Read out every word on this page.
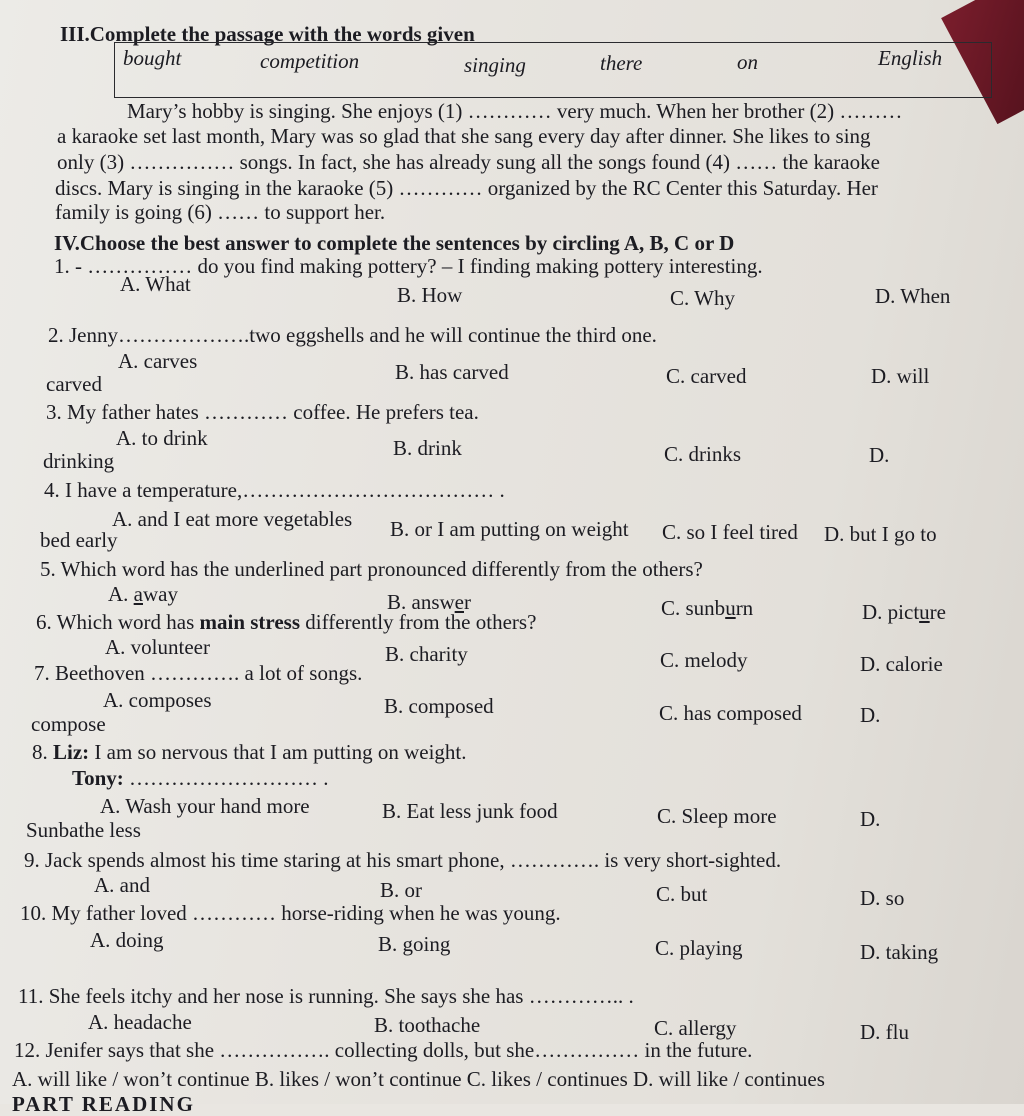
III.Complete the passage with the words given
bought	competition	singing	there	on	English
Mary’s hobby is singing. She enjoys (1) ………… very much. When her brother (2) ………
a karaoke set last month, Mary was so glad that she sang every day after dinner. She likes to sing
only (3) …………… songs. In fact, she has already sung all the songs found (4) …… the karaoke
discs. Mary is singing in the karaoke (5) ………… organized by the RC Center this Saturday. Her
family is going (6) …… to support her.
IV.Choose the best answer to complete the sentences by circling A, B, C or D
1. - …………… do you find making pottery? – I finding making pottery interesting.
A. What	B. How	C. Why	D. When
2. Jenny……………….two eggshells and he will continue the third one.
A. carves	B. has carved	C. carved	D. will
carved
3. My father hates ………… coffee. He prefers tea.
A. to drink	B. drink	C. drinks	D.
drinking
4. I have a temperature,……………………………… .
A. and I eat more vegetables B. or I am putting on weight C. so I feel tired D. but I go to
bed early
5. Which word has the underlined part pronounced differently from the others?
A. away	B. answer	C. sunburn	D. picture
6. Which word has main stress differently from the others?
A. volunteer	B. charity	C. melody	D. calorie
7. Beethoven …………. a lot of songs.
A. composes	B. composed	C. has composed	D.
compose
8. Liz: I am so nervous that I am putting on weight.
Tony: ……………………… .
A. Wash your hand more	B. Eat less junk food	C. Sleep more	D.
Sunbathe less
9. Jack spends almost his time staring at his smart phone, …………. is very short-sighted.
A. and	B. or	C. but	D. so
10. My father loved ………… horse-riding when he was young.
A. doing	B. going	C. playing	D. taking
11. She feels itchy and her nose is running. She says she has ………….. .
A. headache	B. toothache	C. allergy	D. flu
12. Jenifer says that she ……………. collecting dolls, but she…………… in the future.
A. will like / won’t continue B. likes / won’t continue C. likes / continues D. will like / continues
PART READING
